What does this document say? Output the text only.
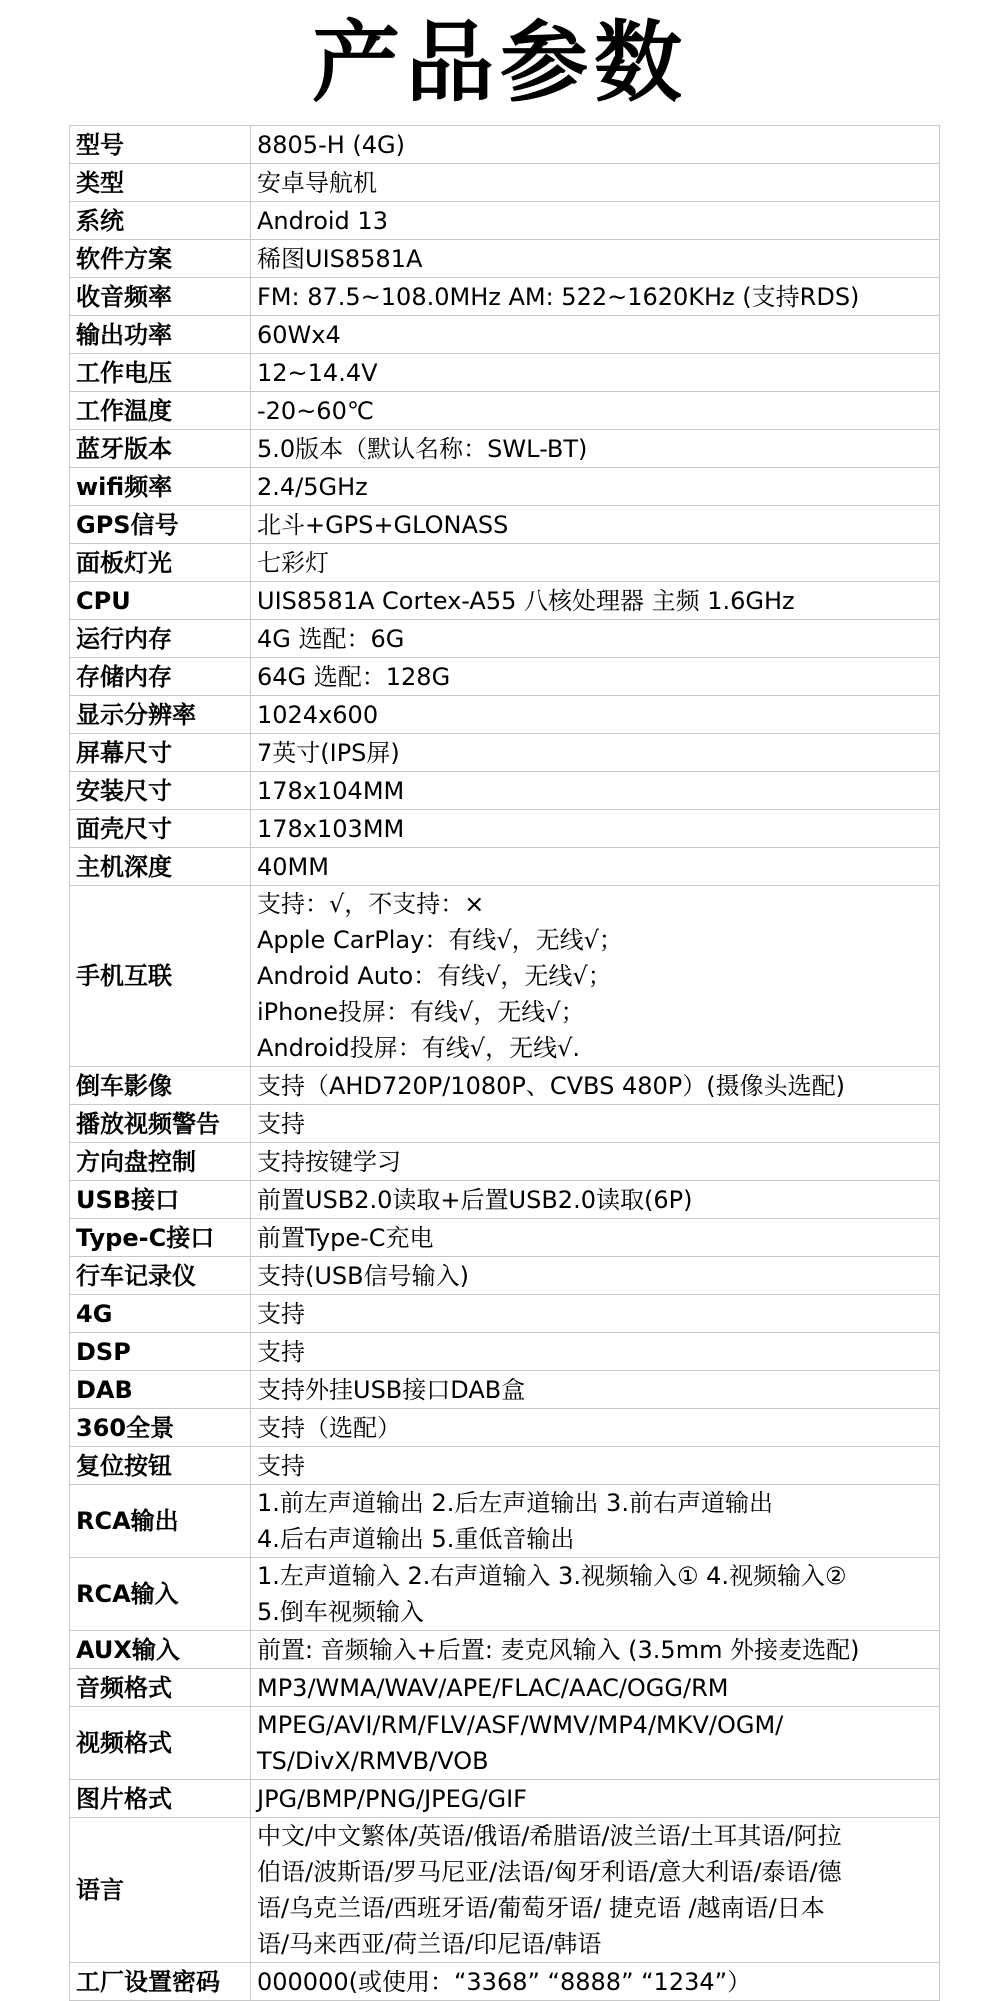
产品参数
型号	8805-H (4G)

类型	安卓导航机

系统	Android 13

软件方案	稀图UIS8581A

收音频率	FM: 87.5~108.0MHz AM: 522~1620KHz (支持RDS)

输出功率	60Wx4

工作电压	12~14.4V

工作温度	-20~60℃

蓝牙版本	5.0版本（默认名称：SWL-BT)

wifi频率	2.4/5GHz

GPS信号	北斗+GPS+GLONASS

面板灯光	七彩灯

CPU	UIS8581A Cortex-A55 八核处理器 主频 1.6GHz

运行内存	4G 选配：6G

存储内存	64G 选配：128G

显示分辨率	1024x600

屏幕尺寸	7英寸(IPS屏)

安装尺寸	178x104MM

面壳尺寸	178x103MM

主机深度	40MM

手机互联	支持：√，不支持：×
Apple CarPlay：有线√，无线√；
Android Auto：有线√，无线√；
iPhone投屏：有线√，无线√；
Android投屏：有线√，无线√.

倒车影像	支持（AHD720P/1080P、CVBS 480P）(摄像头选配)

播放视频警告	支持

方向盘控制	支持按键学习

USB接口	前置USB2.0读取+后置USB2.0读取(6P)

Type-C接口	前置Type-C充电

行车记录仪	支持(USB信号输入)

4G	支持

DSP	支持

DAB	支持外挂USB接口DAB盒

360全景	支持（选配）

复位按钮	支持

RCA输出	1.前左声道输出 2.后左声道输出 3.前右声道输出
4.后右声道输出 5.重低音输出

RCA输入	1.左声道输入 2.右声道输入 3.视频输入① 4.视频输入②
5.倒车视频输入

AUX输入	前置: 音频输入+后置: 麦克风输入 (3.5mm 外接麦选配)

音频格式	MP3/WMA/WAV/APE/FLAC/AAC/OGG/RM

视频格式	MPEG/AVI/RM/FLV/ASF/WMV/MP4/MKV/OGM/
TS/DivX/RMVB/VOB

图片格式	JPG/BMP/PNG/JPEG/GIF

语言	中文/中文繁体/英语/俄语/希腊语/波兰语/土耳其语/阿拉
伯语/波斯语/罗马尼亚/法语/匈牙利语/意大利语/泰语/德
语/乌克兰语/西班牙语/葡萄牙语/ 捷克语 /越南语/日本
语/马来西亚/荷兰语/印尼语/韩语

工厂设置密码	000000(或使用：“3368” “8888” “1234”）
